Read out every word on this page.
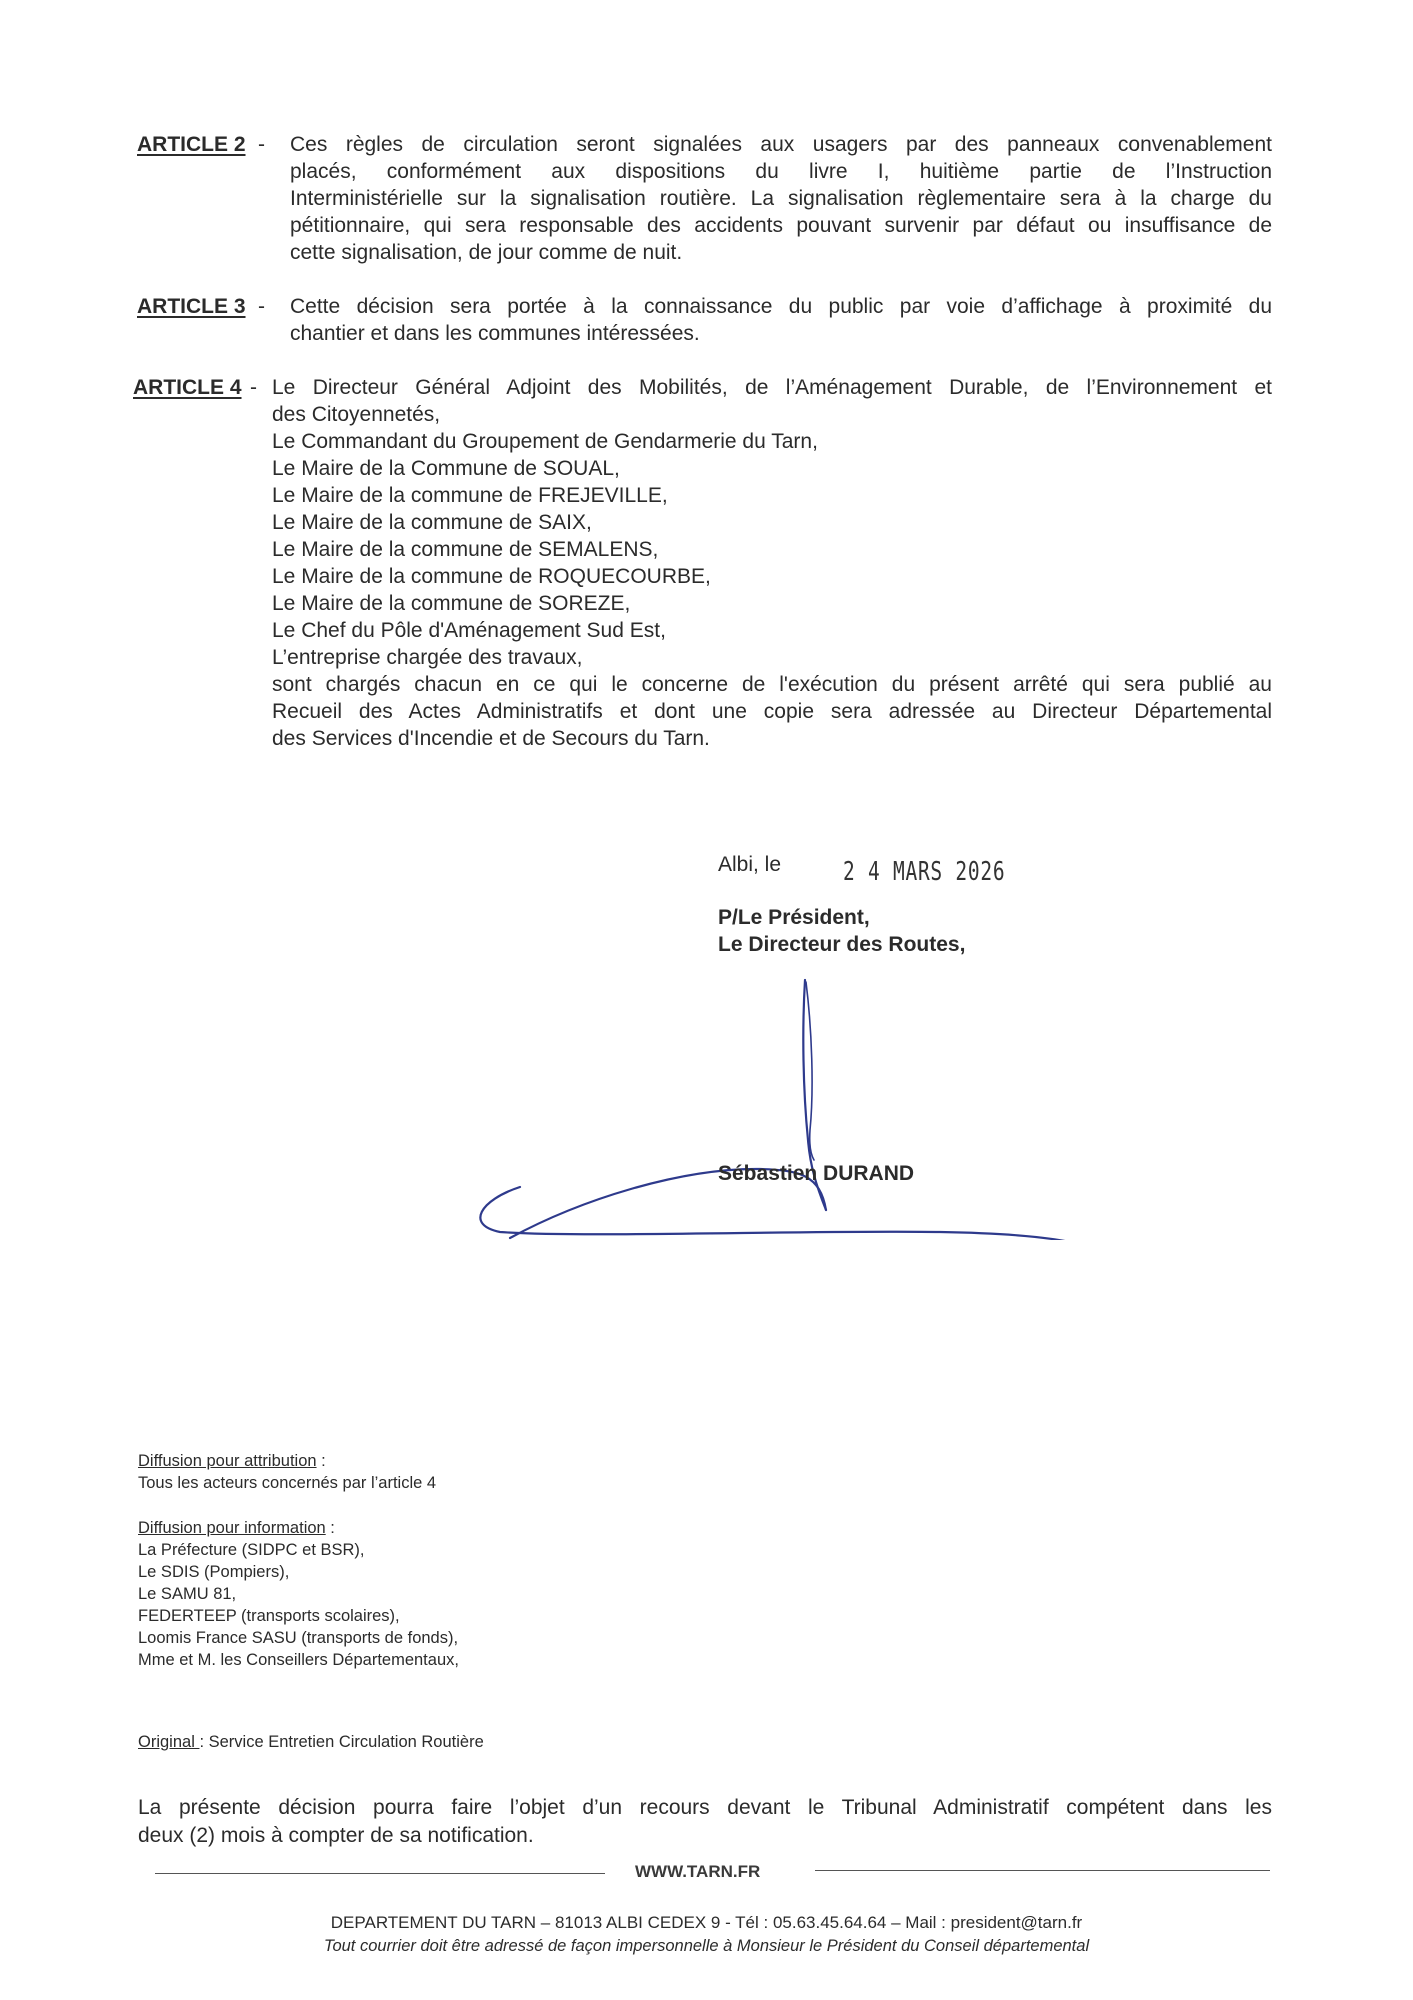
ARTICLE 2 - Ces règles de circulation seront signalées aux usagers par des panneaux convenablement
placés, conformément aux dispositions du livre I, huitième partie de l’Instruction
Interministérielle sur la signalisation routière. La signalisation règlementaire sera à la charge du
pétitionnaire, qui sera responsable des accidents pouvant survenir par défaut ou insuffisance de
cette signalisation, de jour comme de nuit.
ARTICLE 3 - Cette décision sera portée à la connaissance du public par voie d’affichage à proximité du
chantier et dans les communes intéressées.
ARTICLE 4 - Le Directeur Général Adjoint des Mobilités, de l’Aménagement Durable, de l’Environnement et
des Citoyennetés,
Le Commandant du Groupement de Gendarmerie du Tarn,
Le Maire de la Commune de SOUAL,
Le Maire de la commune de FREJEVILLE,
Le Maire de la commune de SAIX,
Le Maire de la commune de SEMALENS,
Le Maire de la commune de ROQUECOURBE,
Le Maire de la commune de SOREZE,
Le Chef du Pôle d'Aménagement Sud Est,
L’entreprise chargée des travaux,
sont chargés chacun en ce qui le concerne de l'exécution du présent arrêté qui sera publié au
Recueil des Actes Administratifs et dont une copie sera adressée au Directeur Départemental
des Services d'Incendie et de Secours du Tarn.
Albi, le 2 4 MARS 2026
P/Le Président,
Le Directeur des Routes,
Sébastien DURAND
Diffusion pour attribution :
Tous les acteurs concernés par l’article 4
Diffusion pour information :
La Préfecture (SIDPC et BSR),
Le SDIS (Pompiers),
Le SAMU 81,
FEDERTEEP (transports scolaires),
Loomis France SASU (transports de fonds),
Mme et M. les Conseillers Départementaux,
Original : Service Entretien Circulation Routière
La présente décision pourra faire l’objet d’un recours devant le Tribunal Administratif compétent dans les
deux (2) mois à compter de sa notification.
WWW.TARN.FR
DEPARTEMENT DU TARN – 81013 ALBI CEDEX 9 - Tél : 05.63.45.64.64 – Mail : president@tarn.fr
Tout courrier doit être adressé de façon impersonnelle à Monsieur le Président du Conseil départemental
